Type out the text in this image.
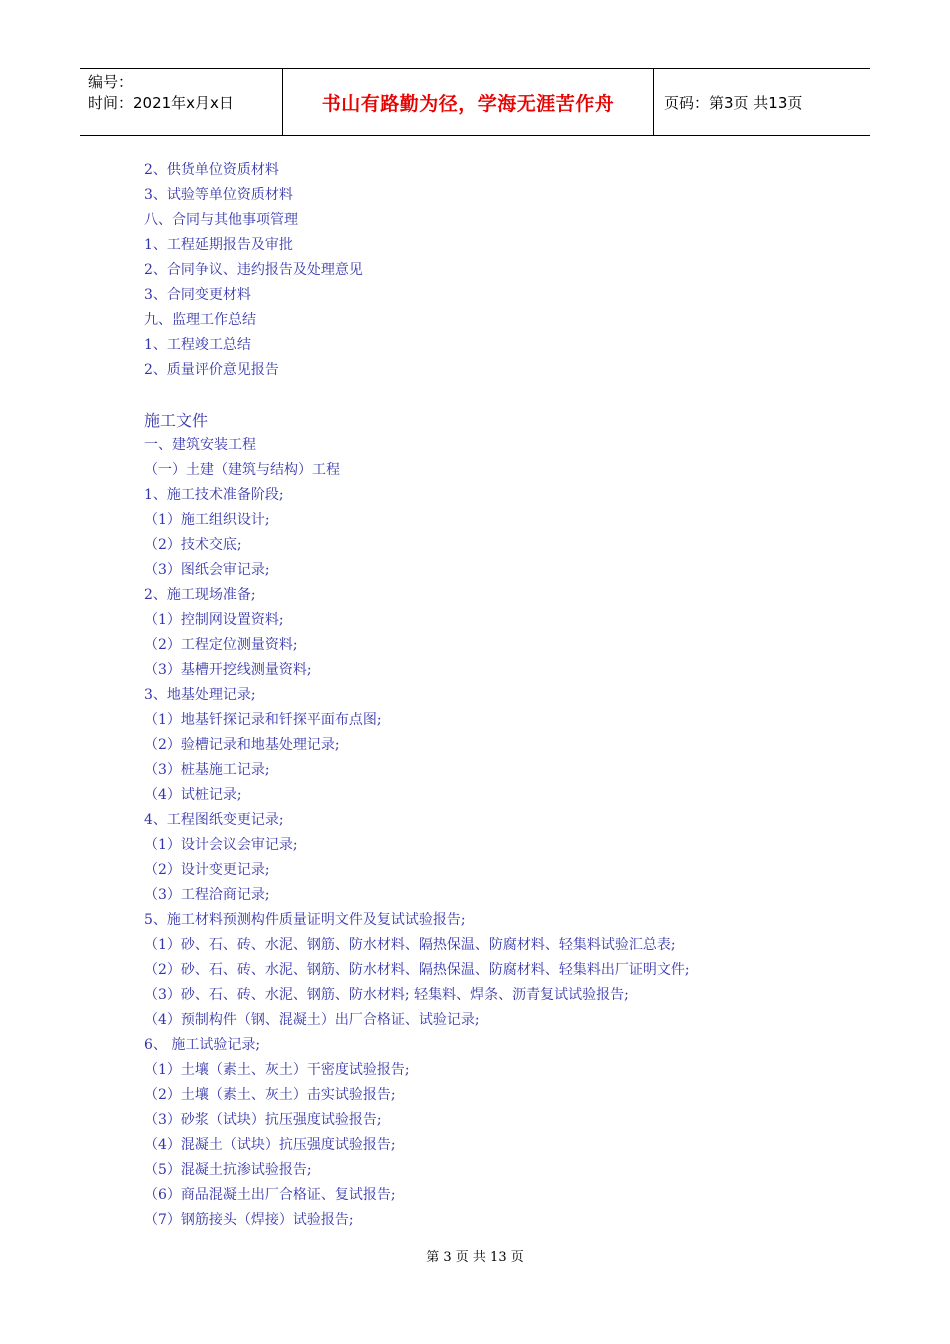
编号：
时间：2021年x月x日	书山有路勤为径，学海无涯苦作舟	页码：第3页 共13页
2、供货单位资质材料
3、试验等单位资质材料
八、合同与其他事项管理
1、工程延期报告及审批
2、合同争议、违约报告及处理意见
3、合同变更材料
九、监理工作总结
1、工程竣工总结
2、质量评价意见报告
施工文件
一、建筑安装工程
（一）土建（建筑与结构）工程
1、施工技术准备阶段;
（1）施工组织设计;
（2）技术交底;
（3）图纸会审记录;
2、施工现场准备;
（1）控制网设置资料;
（2）工程定位测量资料;
（3）基槽开挖线测量资料;
3、地基处理记录;
（1）地基钎探记录和钎探平面布点图;
（2）验槽记录和地基处理记录;
（3）桩基施工记录;
（4）试桩记录;
4、工程图纸变更记录;
（1）设计会议会审记录;
（2）设计变更记录;
（3）工程洽商记录;
5、施工材料预测构件质量证明文件及复试试验报告;
（1）砂、石、砖、水泥、钢筋、防水材料、隔热保温、防腐材料、轻集料试验汇总表;
（2）砂、石、砖、水泥、钢筋、防水材料、隔热保温、防腐材料、轻集料出厂证明文件;
（3）砂、石、砖、水泥、钢筋、防水材料; 轻集料、焊条、沥青复试试验报告;
（4）预制构件（钢、混凝土）出厂合格证、试验记录;
6、 施工试验记录;
（1）土壤（素土、灰土）干密度试验报告;
（2）土壤（素土、灰土）击实试验报告;
（3）砂浆（试块）抗压强度试验报告;
（4）混凝土（试块）抗压强度试验报告;
（5）混凝土抗渗试验报告;
（6）商品混凝土出厂合格证、复试报告;
（7）钢筋接头（焊接）试验报告;
第 3 页 共 13 页
